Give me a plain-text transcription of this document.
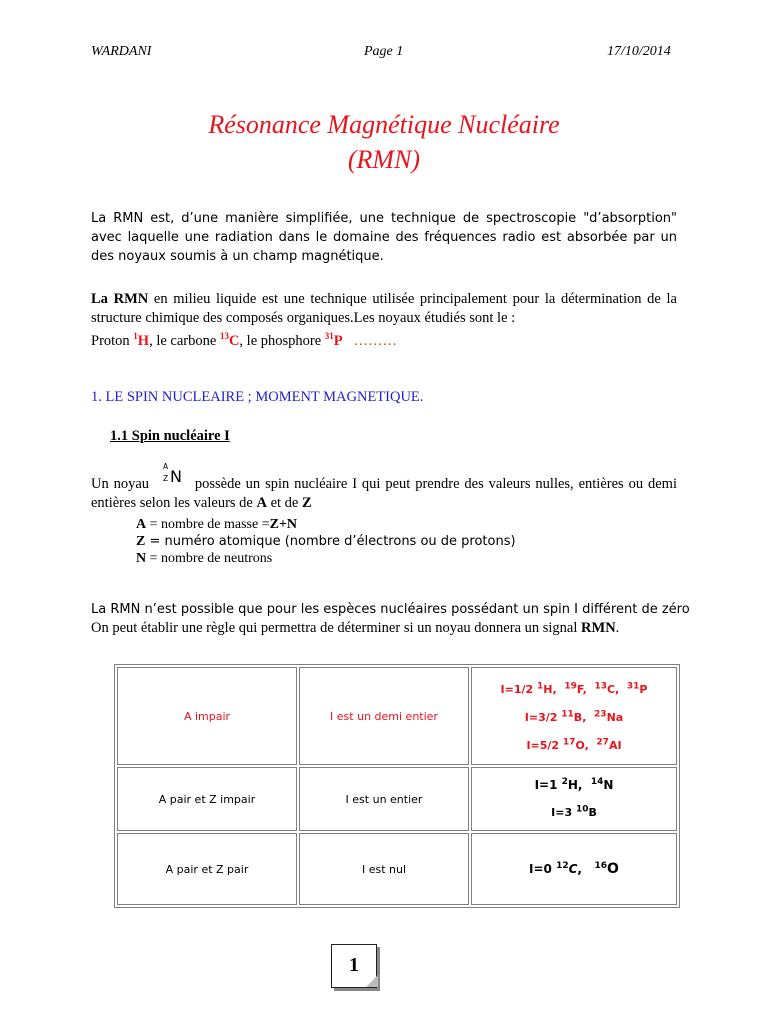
WARDANI	Page 1	17/10/2014
Résonance Magnétique Nucléaire
(RMN)
La RMN est, d’une manière simplifiée, une technique de spectroscopie "d’absorption" avec laquelle une radiation dans le domaine des fréquences radio est absorbée par un des noyaux soumis à un champ magnétique.
La RMN en milieu liquide est une technique utilisée principalement pour la détermination de la structure chimique des composés organiques.Les noyaux étudiés sont le :
Proton $^1$H, le carbone $^{13}$C, le phosphore $^{31}$P ………
1. LE SPIN NUCLEAIRE ; MOMENT MAGNETIQUE.
1.1 Spin nucléaire I
A
Z N
Un noyau  possède un spin nucléaire I qui peut prendre des valeurs nulles, entières ou demi entières selon les valeurs de A et de Z
A = nombre de masse =Z+N
Z = numéro atomique (nombre d’électrons ou de protons)
N = nombre de neutrons
La RMN n’est possible que pour les espèces nucléaires possédant un spin I différent de zéro
On peut établir une règle qui permettra de déterminer si un noyau donnera un signal RMN.
A impair	I est un demi entier	I=1/2 $^1$H,  $^{19}$F,  $^{13}$C,  $^{31}$P
I=3/2 $^{11}$B,  $^{23}$Na
I=5/2 $^{17}$O,  $^{27}$AI

A pair et Z impair	I est un entier	I=1 $^2$H,  $^{14}$N
I=3 $^{10}$B

A pair et Z pair	I est nul	I=0 $^{12}$C,   $^{16}$O
1
